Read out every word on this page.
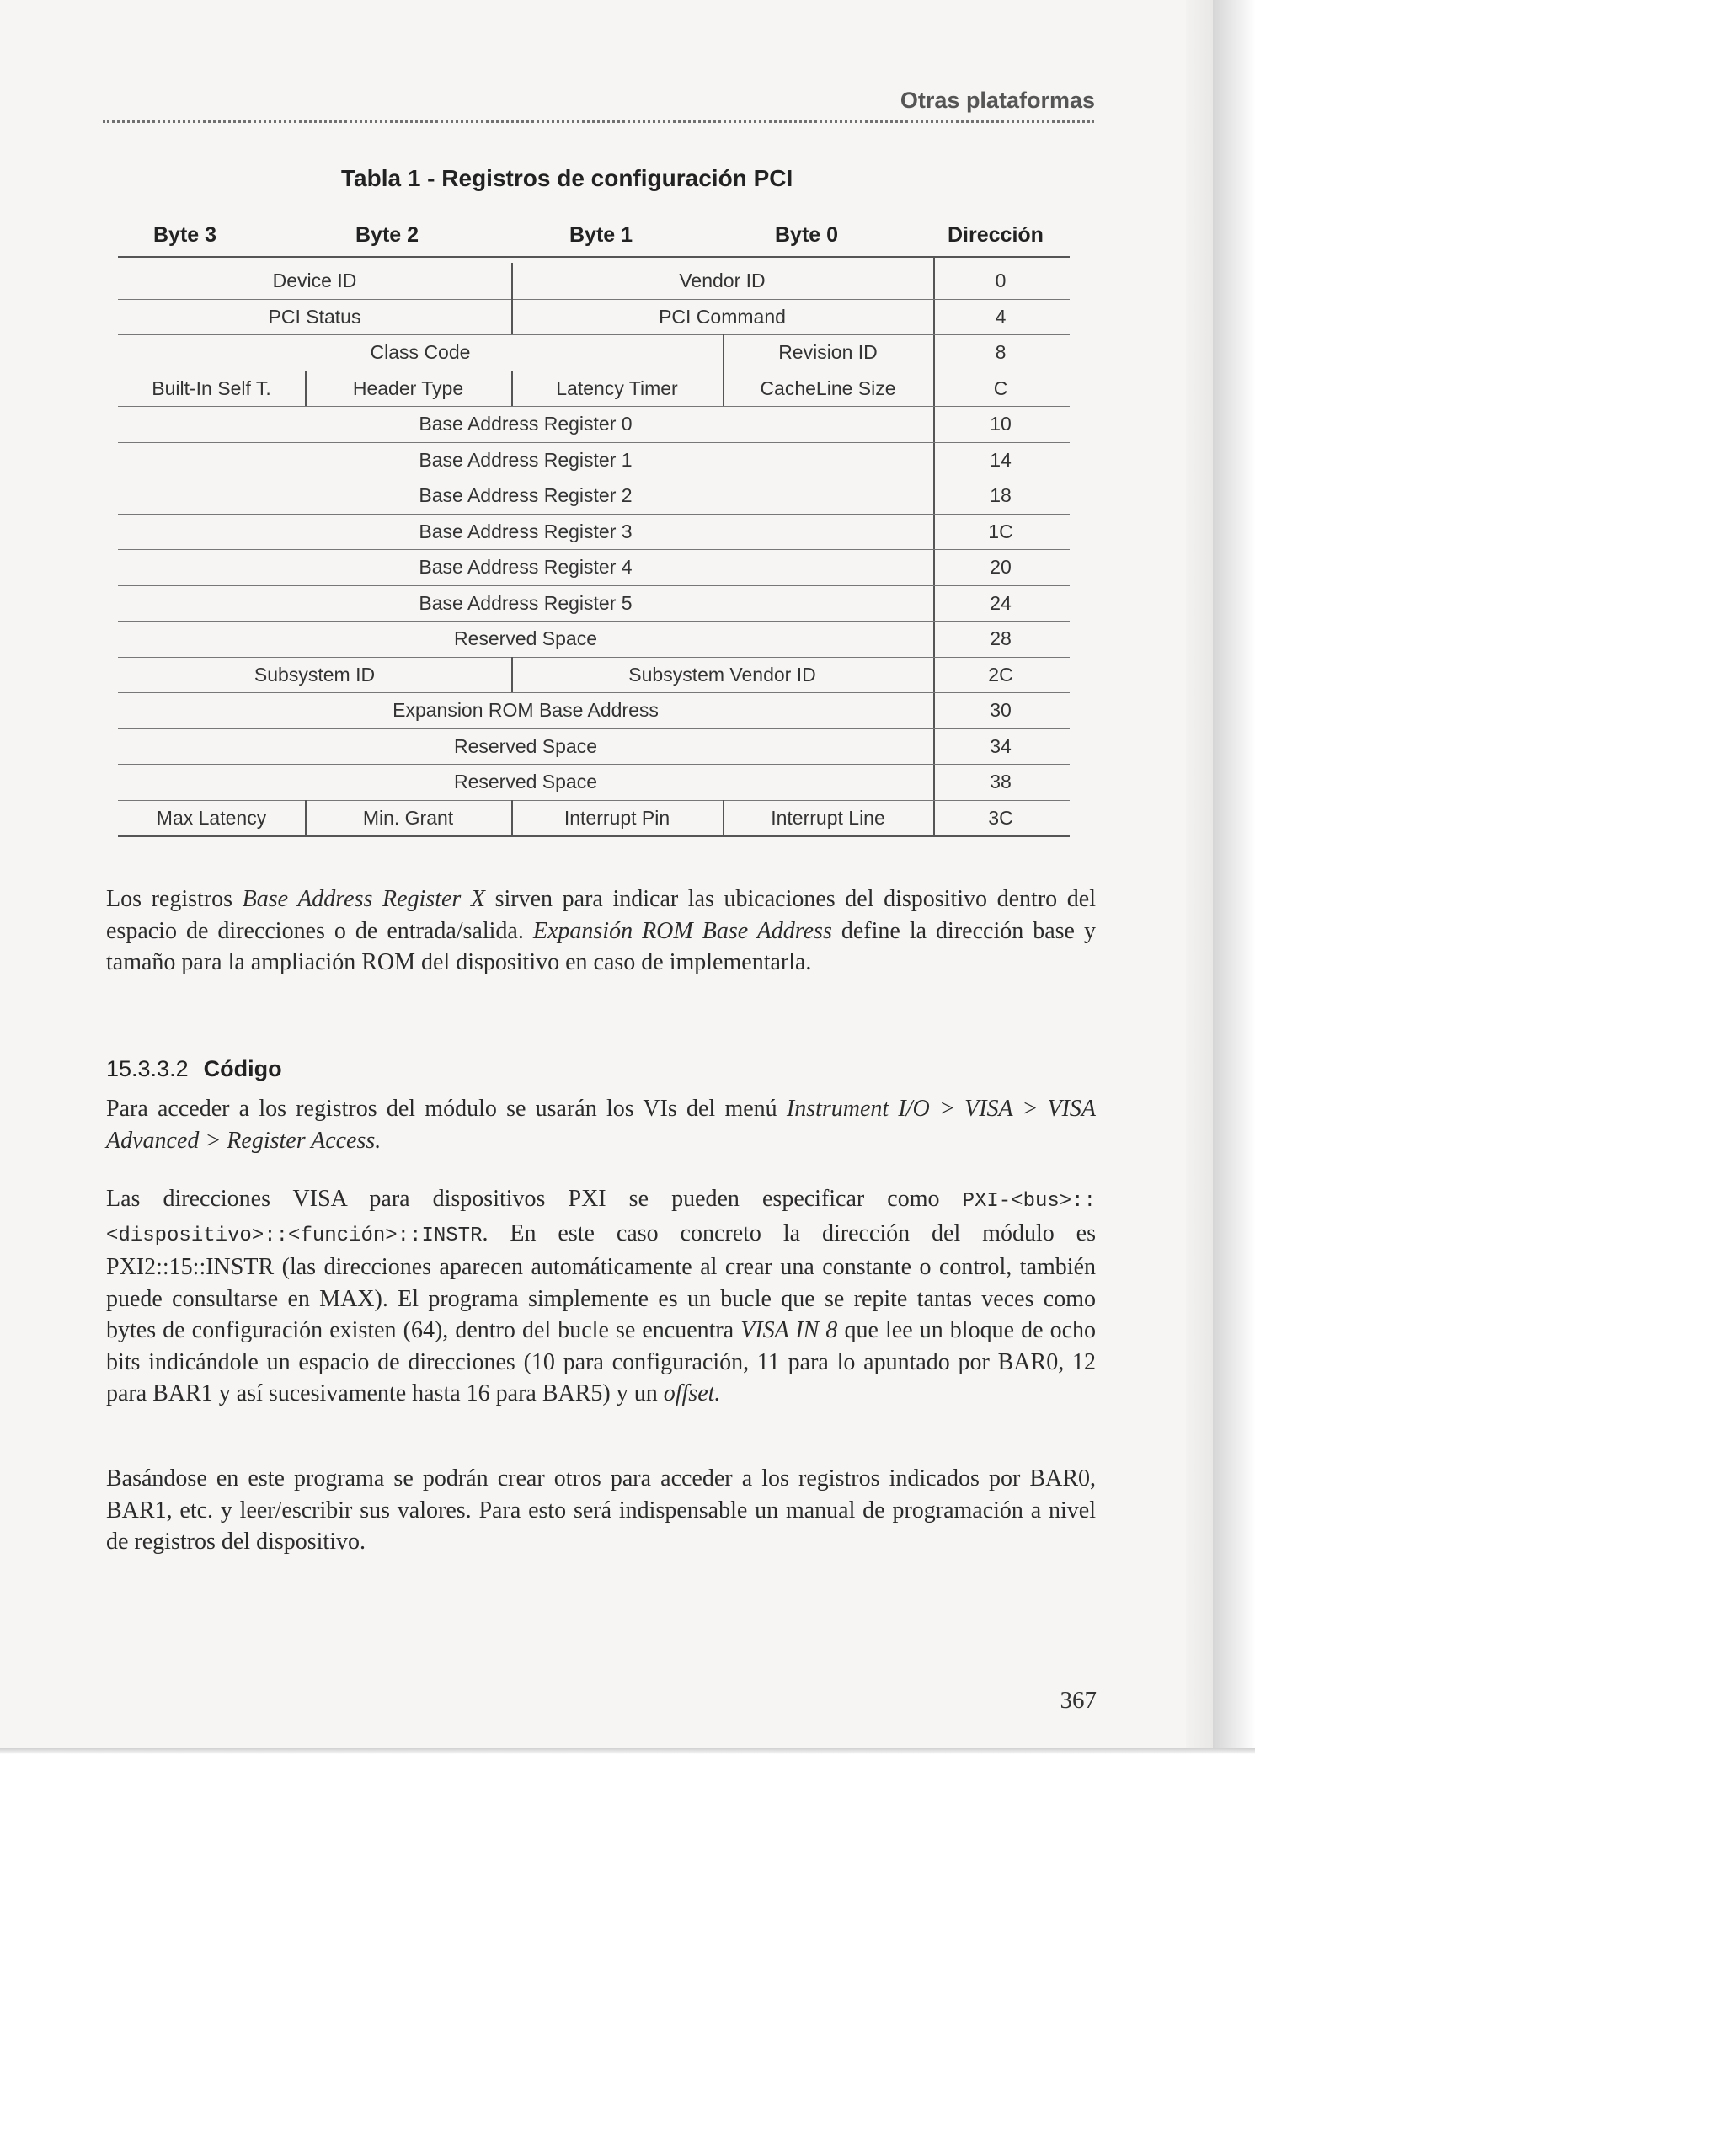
Otras plataformas
Tabla 1 - Registros de configuración PCI
Byte 3	Byte 2	Byte 1	Byte 0	Dirección
Device ID	Vendor ID	0
PCI Status	PCI Command	4
Class Code	Revision ID	8
Built-In Self T.	Header Type	Latency Timer	CacheLine Size	C
Base Address Register 0	10
Base Address Register 1	14
Base Address Register 2	18
Base Address Register 3	1C
Base Address Register 4	20
Base Address Register 5	24
Reserved Space	28
Subsystem ID	Subsystem Vendor ID	2C
Expansion ROM Base Address	30
Reserved Space	34
Reserved Space	38
Max Latency	Min. Grant	Interrupt Pin	Interrupt Line	3C
Los registros Base Address Register X sirven para indicar las ubicaciones del dispositivo dentro del espacio de direcciones o de entrada/salida. Expansión ROM Base Address define la dirección base y tamaño para la ampliación ROM del dispositivo en caso de implementarla.
15.3.3.2 Código
Para acceder a los registros del módulo se usarán los VIs del menú Instrument I/O > VISA > VISA Advanced > Register Access.
Las direcciones VISA para dispositivos PXI se pueden especificar como PXI-<bus>::<dispositivo>::<función>::INSTR. En este caso concreto la dirección del módulo es PXI2::15::INSTR (las direcciones aparecen automáticamente al crear una constante o control, también puede consultarse en MAX). El programa simplemente es un bucle que se repite tantas veces como bytes de configuración existen (64), dentro del bucle se encuentra VISA IN 8 que lee un bloque de ocho bits indicándole un espacio de direcciones (10 para configuración, 11 para lo apuntado por BAR0, 12 para BAR1 y así sucesivamente hasta 16 para BAR5) y un offset.
Basándose en este programa se podrán crear otros para acceder a los registros indicados por BAR0, BAR1, etc. y leer/escribir sus valores. Para esto será indispensable un manual de programación a nivel de registros del dispositivo.
367
